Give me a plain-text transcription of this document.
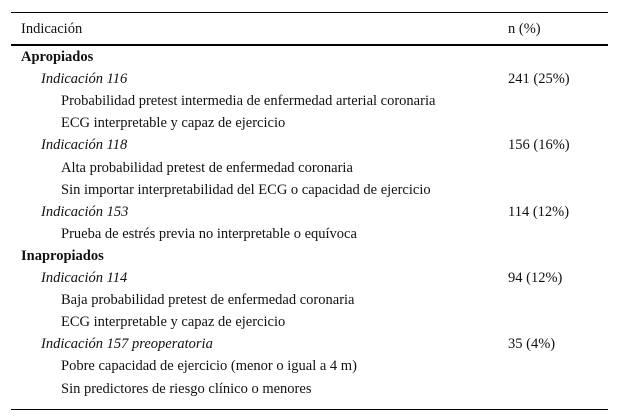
Indicación	n (%)
Apropiados
Indicación 116	241 (25%)
Probabilidad pretest intermedia de enfermedad arterial coronaria
ECG interpretable y capaz de ejercicio
Indicación 118	156 (16%)
Alta probabilidad pretest de enfermedad coronaria
Sin importar interpretabilidad del ECG o capacidad de ejercicio
Indicación 153	114 (12%)
Prueba de estrés previa no interpretable o equívoca
Inapropiados
Indicación 114	94 (12%)
Baja probabilidad pretest de enfermedad coronaria
ECG interpretable y capaz de ejercicio
Indicación 157 preoperatoria	35 (4%)
Pobre capacidad de ejercicio (menor o igual a 4 m)
Sin predictores de riesgo clínico o menores
